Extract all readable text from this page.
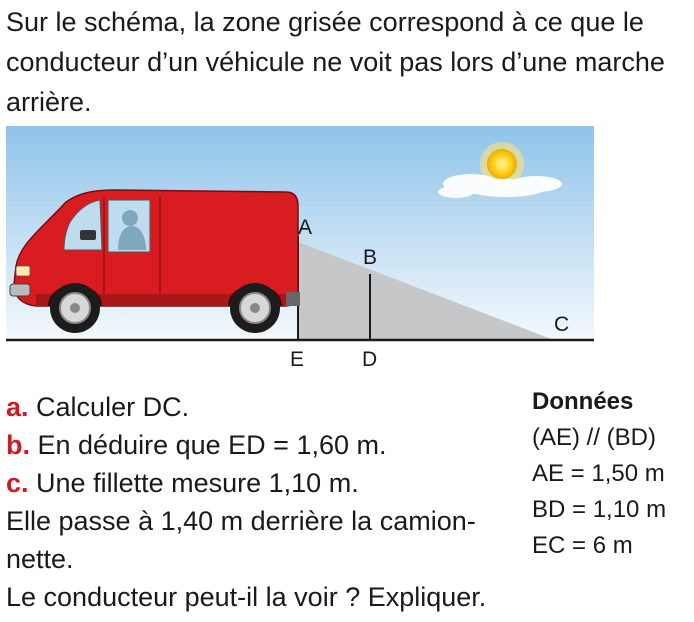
Sur le schéma, la zone grisée correspond à ce que le conducteur d’un véhicule ne voit pas lors d’une marche arrière.

A
B
C
D
E

a. Calculer DC.

b. En déduire que ED = 1,60 m.

c. Une fillette mesure 1,10 m.

Elle passe à 1,40 m derrière la camion-

nette.

Le conducteur peut-il la voir ? Expliquer.

Données
(AE) // (BD)
AE = 1,50 m
BD = 1,10 m
EC = 6 m
